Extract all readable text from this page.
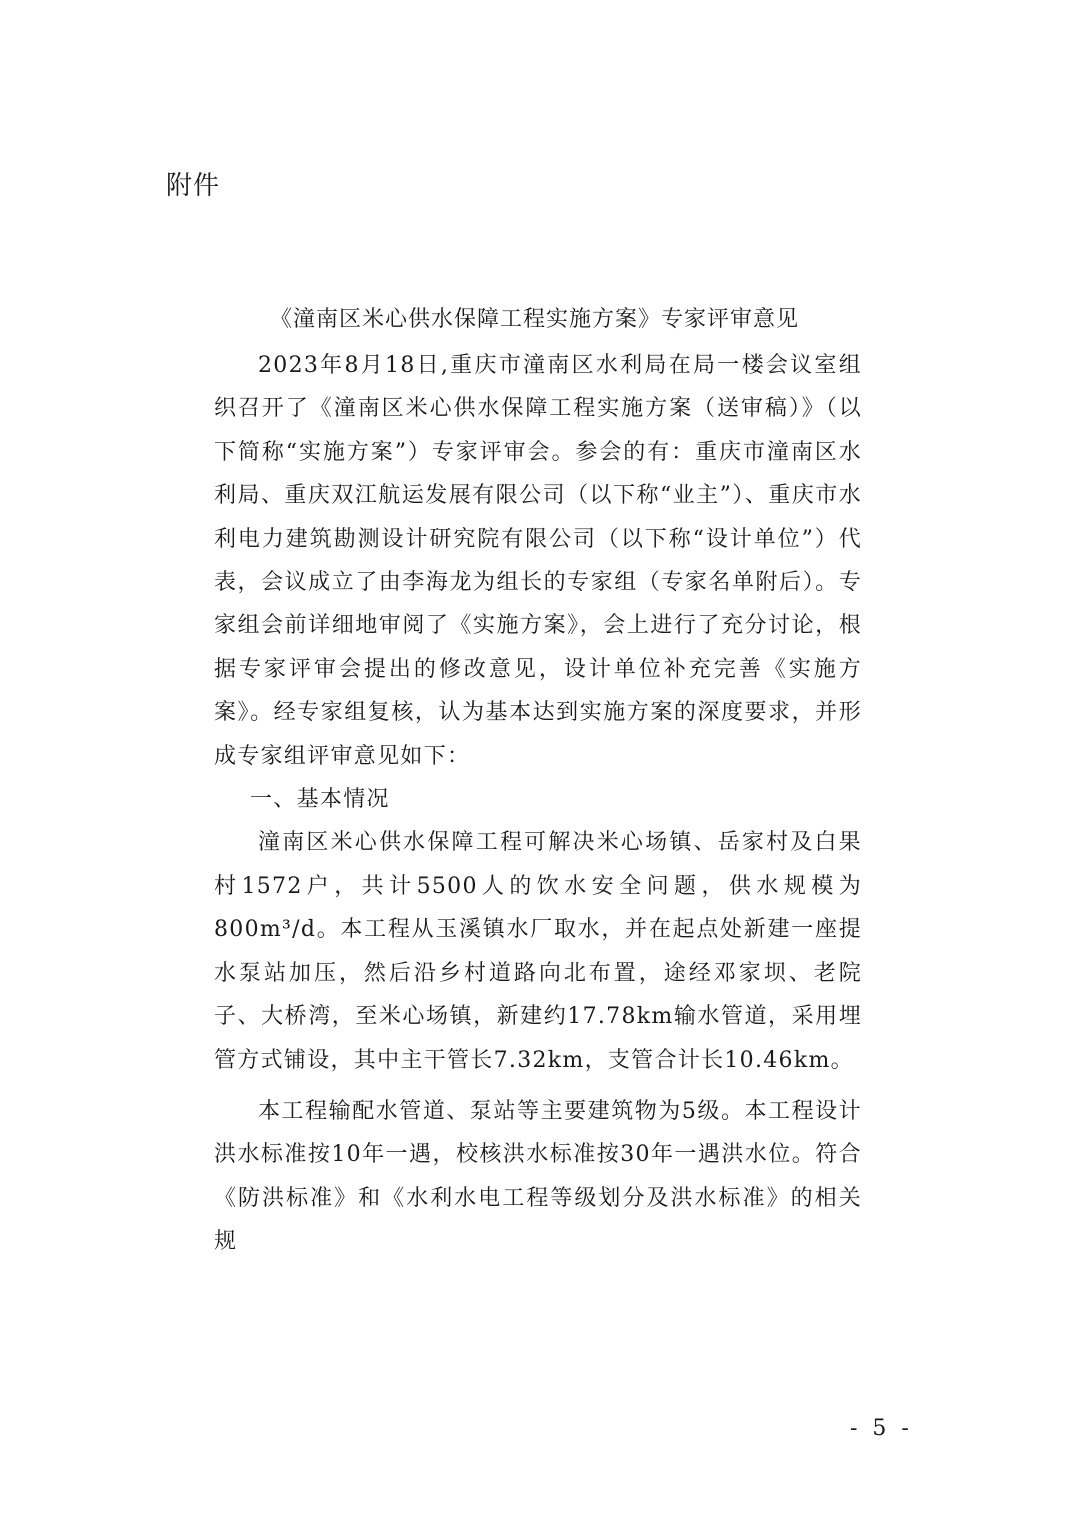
附件
《潼南区米心供水保障工程实施方案》专家评审意见

2023年8月18日,重庆市潼南区水利局在局一楼会议室组织召开了《潼南区米心供水保障工程实施方案（送审稿）》（以下简称“实施方案”）专家评审会。参会的有：重庆市潼南区水利局、重庆双江航运发展有限公司（以下称“业主”）、重庆市水利电力建筑勘测设计研究院有限公司（以下称“设计单位”）代表，会议成立了由李海龙为组长的专家组（专家名单附后）。专家组会前详细地审阅了《实施方案》，会上进行了充分讨论，根据专家评审会提出的修改意见，设计单位补充完善《实施方案》。经专家组复核，认为基本达到实施方案的深度要求，并形成专家组评审意见如下：

一、基本情况

潼南区米心供水保障工程可解决米心场镇、岳家村及白果村1572户，共计5500人的饮水安全问题，供水规模为800m³/d。本工程从玉溪镇水厂取水，并在起点处新建一座提水泵站加压，然后沿乡村道路向北布置，途经邓家坝、老院子、大桥湾，至米心场镇，新建约17.78km输水管道，采用埋管方式铺设，其中主干管长7.32km，支管合计长10.46km。

本工程输配水管道、泵站等主要建筑物为5级。本工程设计洪水标准按10年一遇，校核洪水标准按30年一遇洪水位。符合《防洪标准》和《水利水电工程等级划分及洪水标准》的相关规

- 5 -
